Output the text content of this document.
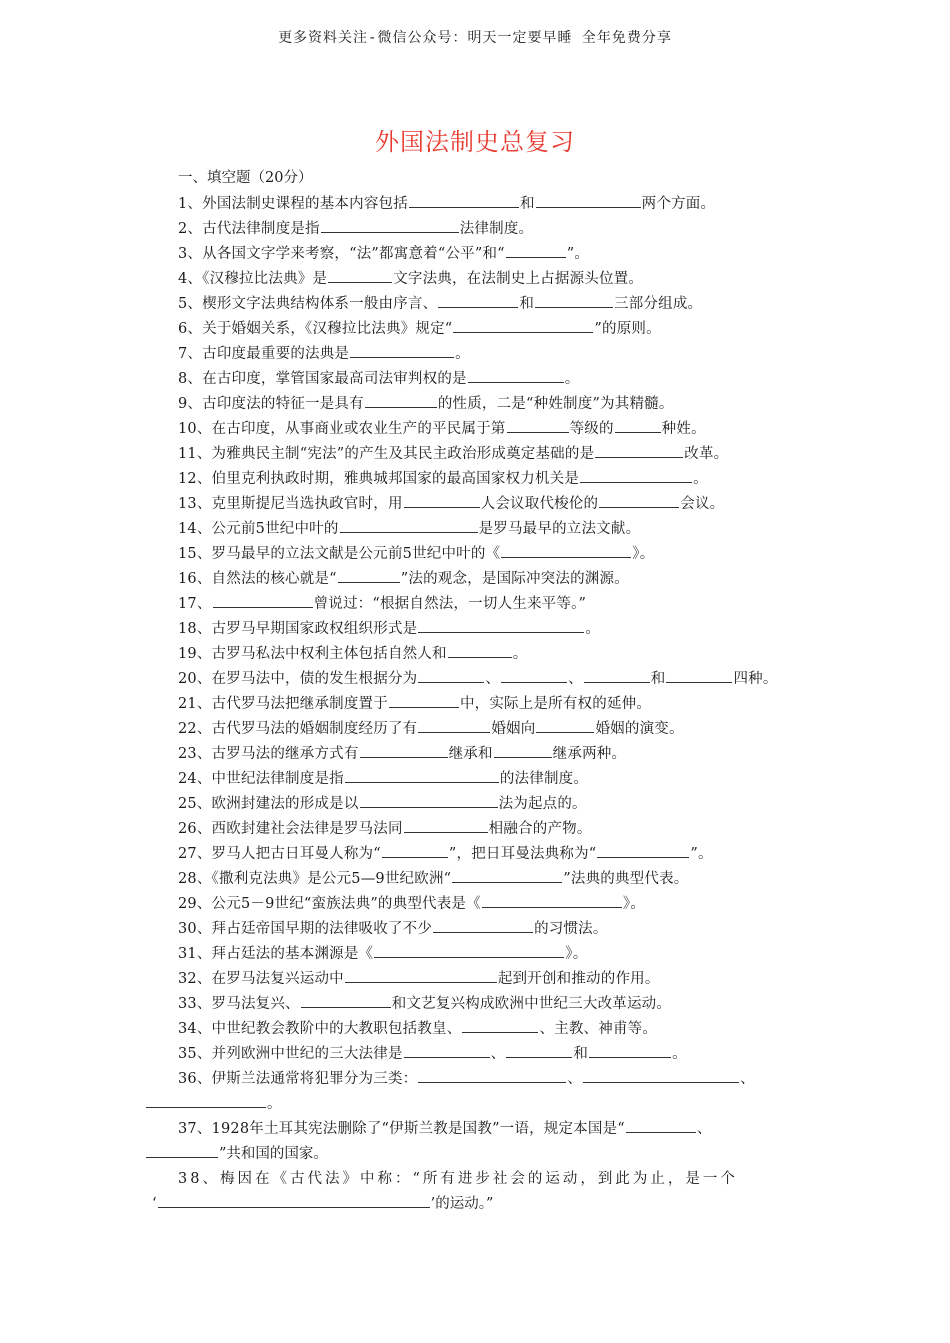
更多资料关注-微信公众号：明天一定要早睡 全年免费分享
外国法制史总复习
一、填空题（20分）
1、外国法制史课程的基本内容包括	和	两个方面。
2、古代法律制度是指	法律制度。
3、从各国文字学来考察，“法”都寓意着“公平”和“	”。
4、《汉穆拉比法典》是	文字法典，在法制史上占据源头位置。
5、楔形文字法典结构体系一般由序言、	和	三部分组成。
6、关于婚姻关系，《汉穆拉比法典》规定“	”的原则。
7、古印度最重要的法典是	。
8、在古印度，掌管国家最高司法审判权的是	。
9、古印度法的特征一是具有	的性质，二是“种姓制度”为其精髓。
10、在古印度，从事商业或农业生产的平民属于第	等级的	种姓。
11、为雅典民主制“宪法”的产生及其民主政治形成奠定基础的是	改革。
12、伯里克利执政时期，雅典城邦国家的最高国家权力机关是	。
13、克里斯提尼当选执政官时，用	人会议取代梭伦的	会议。
14、公元前5世纪中叶的	是罗马最早的立法文献。
15、罗马最早的立法文献是公元前5世纪中叶的《	》。
16、自然法的核心就是“	”法的观念，是国际冲突法的渊源。
17、	曾说过：“根据自然法，一切人生来平等。”
18、古罗马早期国家政权组织形式是	。
19、古罗马私法中权利主体包括自然人和	。
20、在罗马法中，债的发生根据分为	、	、	和	四种。
21、古代罗马法把继承制度置于	中，实际上是所有权的延伸。
22、古代罗马法的婚姻制度经历了有	婚姻向	婚姻的演变。
23、古罗马法的继承方式有	继承和	继承两种。
24、中世纪法律制度是指	的法律制度。
25、欧洲封建法的形成是以	法为起点的。
26、西欧封建社会法律是罗马法同	相融合的产物。
27、罗马人把古日耳曼人称为“	”，把日耳曼法典称为“	”。
28、《撒利克法典》是公元5—9世纪欧洲“	”法典的典型代表。
29、公元5－9世纪“蛮族法典”的典型代表是《	》。
30、拜占廷帝国早期的法律吸收了不少	的习惯法。
31、拜占廷法的基本渊源是《	》。
32、在罗马法复兴运动中	起到开创和推动的作用。
33、罗马法复兴、	和文艺复兴构成欧洲中世纪三大改革运动。
34、中世纪教会教阶中的大教职包括教皇、	、主教、神甫等。
35、并列欧洲中世纪的三大法律是	、	和	。
36、伊斯兰法通常将犯罪分为三类：	、	、
。
37、1928年土耳其宪法删除了“伊斯兰教是国教”一语，规定本国是“	、
”共和国的国家。
38、梅因在《古代法》中称：“所有进步社会的运动，到此为止，是一个
‘	’的运动。”
